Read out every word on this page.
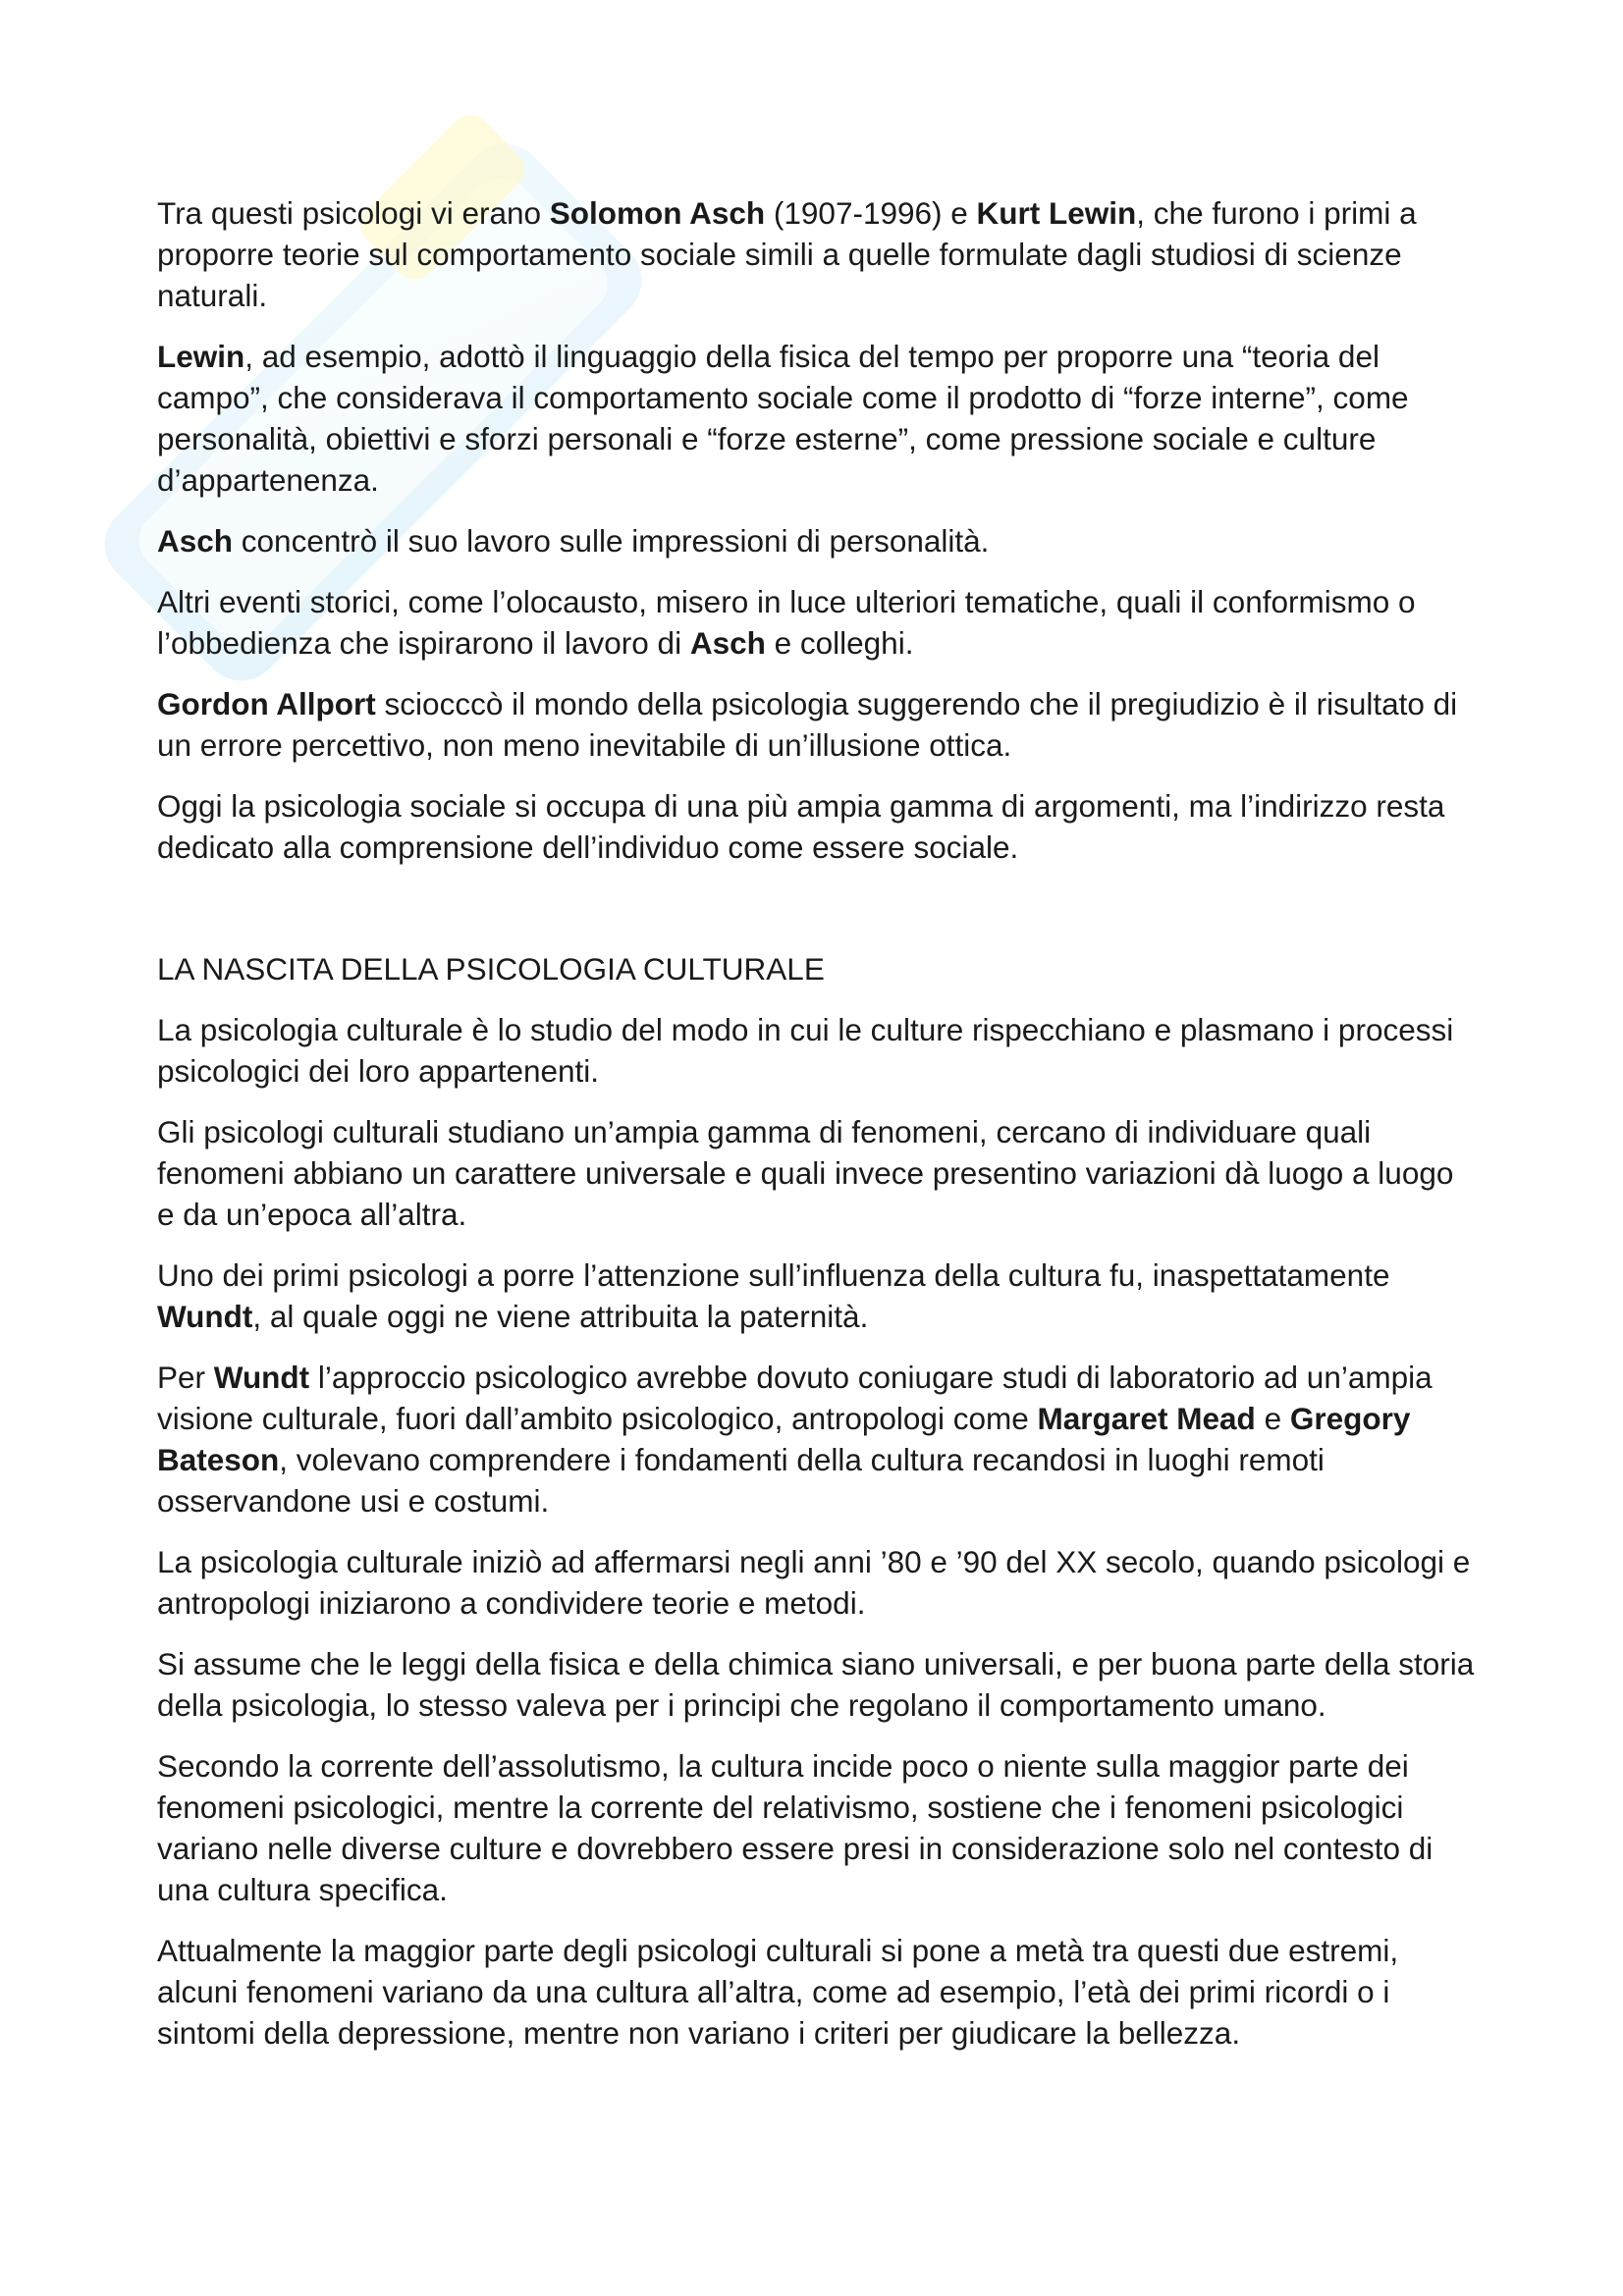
Tra questi psicologi vi erano Solomon Asch (1907-1996) e Kurt Lewin, che furono i primi a proporre teorie sul comportamento sociale simili a quelle formulate dagli studiosi di scienze naturali.

Lewin, ad esempio, adottò il linguaggio della fisica del tempo per proporre una “teoria del campo”, che considerava il comportamento sociale come il prodotto di “forze interne”, come personalità, obiettivi e sforzi personali e “forze esterne”, come pressione sociale e culture d’appartenenza.

Asch concentrò il suo lavoro sulle impressioni di personalità.

Altri eventi storici, come l’olocausto, misero in luce ulteriori tematiche, quali il conformismo o l’obbedienza che ispirarono il lavoro di Asch e colleghi.

Gordon Allport sciocccò il mondo della psicologia suggerendo che il pregiudizio è il risultato di un errore percettivo, non meno inevitabile di un’illusione ottica.

Oggi la psicologia sociale si occupa di una più ampia gamma di argomenti, ma l’indirizzo resta dedicato alla comprensione dell’individuo come essere sociale.

LA NASCITA DELLA PSICOLOGIA CULTURALE

La psicologia culturale è lo studio del modo in cui le culture rispecchiano e plasmano i processi psicologici dei loro appartenenti.

Gli psicologi culturali studiano un’ampia gamma di fenomeni, cercano di individuare quali fenomeni abbiano un carattere universale e quali invece presentino variazioni dà luogo a luogo e da un’epoca all’altra.

Uno dei primi psicologi a porre l’attenzione sull’influenza della cultura fu, inaspettatamente Wundt, al quale oggi ne viene attribuita la paternità.

Per Wundt l’approccio psicologico avrebbe dovuto coniugare studi di laboratorio ad un’ampia visione culturale, fuori dall’ambito psicologico, antropologi come Margaret Mead e Gregory Bateson, volevano comprendere i fondamenti della cultura recandosi in luoghi remoti osservandone usi e costumi.

La psicologia culturale iniziò ad affermarsi negli anni ’80 e ’90 del XX secolo, quando psicologi e antropologi iniziarono a condividere teorie e metodi.

Si assume che le leggi della fisica e della chimica siano universali, e per buona parte della storia della psicologia, lo stesso valeva per i principi che regolano il comportamento umano.

Secondo la corrente dell’assolutismo, la cultura incide poco o niente sulla maggior parte dei fenomeni psicologici, mentre la corrente del relativismo, sostiene che i fenomeni psicologici variano nelle diverse culture e dovrebbero essere presi in considerazione solo nel contesto di una cultura specifica.

Attualmente la maggior parte degli psicologi culturali si pone a metà tra questi due estremi, alcuni fenomeni variano da una cultura all’altra, come ad esempio, l’età dei primi ricordi o i sintomi della depressione, mentre non variano i criteri per giudicare la bellezza.
